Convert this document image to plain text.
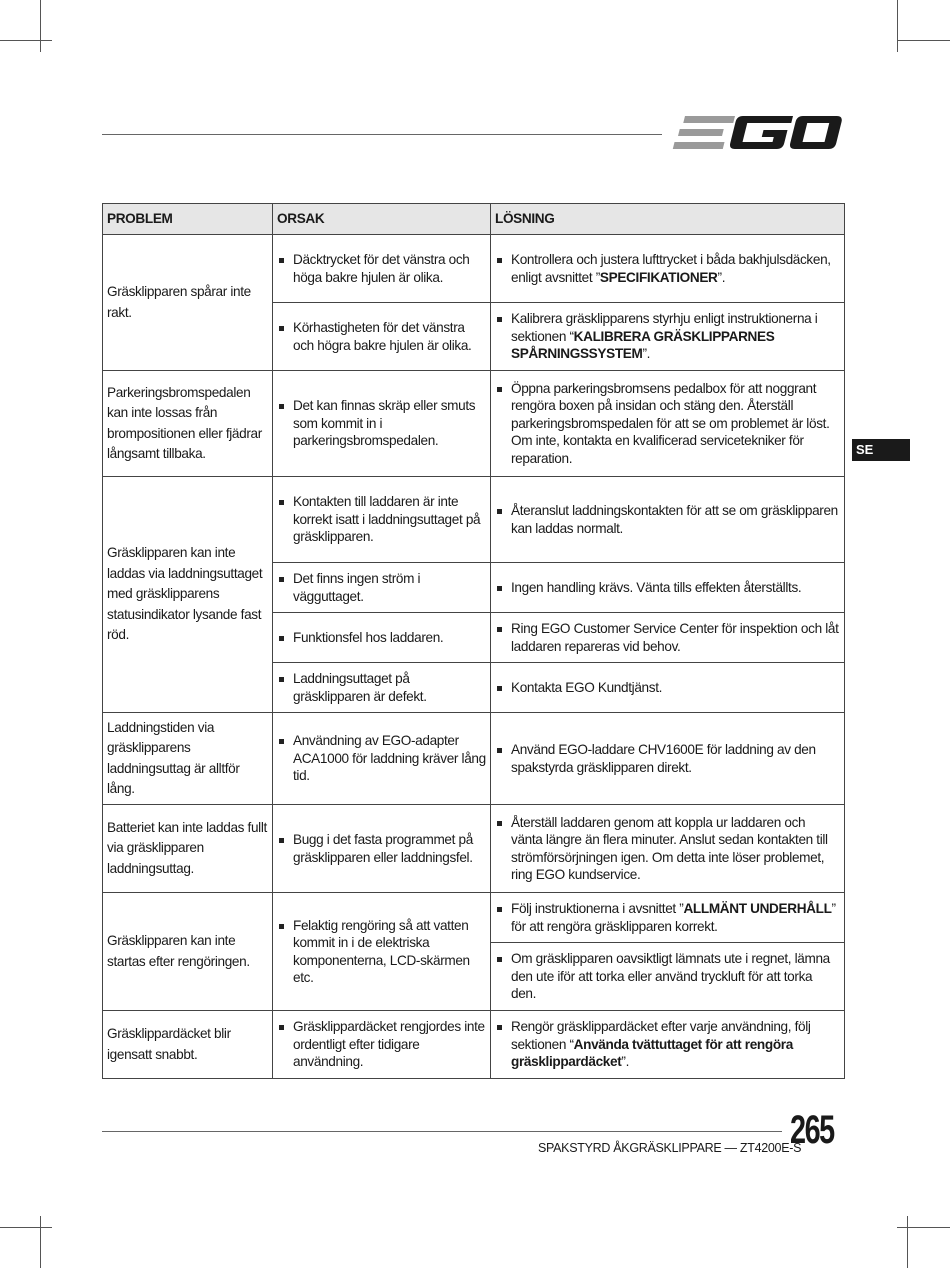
SE
PROBLEM	ORSAK	LÖSNING
Gräsklipparen spårar inte rakt.	Däcktrycket för det vänstra och höga bakre hjulen är olika.	Kontrollera och justera lufttrycket i båda bakhjulsdäcken, enligt avsnittet ”SPECIFIKATIONER”.

	Körhastigheten för det vänstra och högra bakre hjulen är olika.	Kalibrera gräsklipparens styrhju enligt instruktionerna i sektionen “KALIBRERA GRÄSKLIPPARNES SPÅRNINGSSYSTEM”.

Parkeringsbromspedalen kan inte lossas från brompositionen eller fjädrar långsamt tillbaka.	Det kan finnas skräp eller smuts som kommit in i parkeringsbromspedalen.	Öppna parkeringsbromsens pedalbox för att noggrant rengöra boxen på insidan och stäng den. Återställ parkeringsbromspedalen för att se om problemet är löst. Om inte, kontakta en kvalificerad servicetekniker för reparation.

Gräsklipparen kan inte laddas via laddningsuttaget med gräsklipparens statusindikator lysande fast röd.	Kontakten till laddaren är inte korrekt isatt i laddningsuttaget på gräsklipparen.	Återanslut laddningskontakten för att se om gräsklipparen kan laddas normalt.

	Det finns ingen ström i vägguttaget.	Ingen handling krävs. Vänta tills effekten återställts.

	Funktionsfel hos laddaren.	Ring EGO Customer Service Center för inspektion och låt laddaren repareras vid behov.

	Laddningsuttaget på gräsklipparen är defekt.	Kontakta EGO Kundtjänst.

Laddningstiden via gräsklipparens laddningsuttag är alltför lång.	Användning av EGO-adapter ACA1000 för laddning kräver lång tid.	Använd EGO-laddare CHV1600E för laddning av den spakstyrda gräsklipparen direkt.

Batteriet kan inte laddas fullt via gräsklipparen laddningsuttag.	Bugg i det fasta programmet på gräsklipparen eller laddningsfel.	Återställ laddaren genom att koppla ur laddaren och vänta längre än flera minuter. Anslut sedan kontakten till strömförsörjningen igen. Om detta inte löser problemet, ring EGO kundservice.

Gräsklipparen kan inte startas efter rengöringen.	Felaktig rengöring så att vatten kommit in i de elektriska komponenterna, LCD-skärmen etc.	Följ instruktionerna i avsnittet ”ALLMÄNT UNDERHÅLL” för att rengöra gräsklipparen korrekt.

		Om gräsklipparen oavsiktligt lämnats ute i regnet, lämna den ute iför att torka eller använd tryckluft för att torka den.

Gräsklippardäcket blir igensatt snabbt.	Gräsklippardäcket rengjordes inte ordentligt efter tidigare användning.	Rengör gräsklippardäcket efter varje användning, följ sektionen “Använda tvättuttaget för att rengöra gräsklippardäcket”.
SPAKSTYRD ÅKGRÄSKLIPPARE — ZT4200E-S
265
